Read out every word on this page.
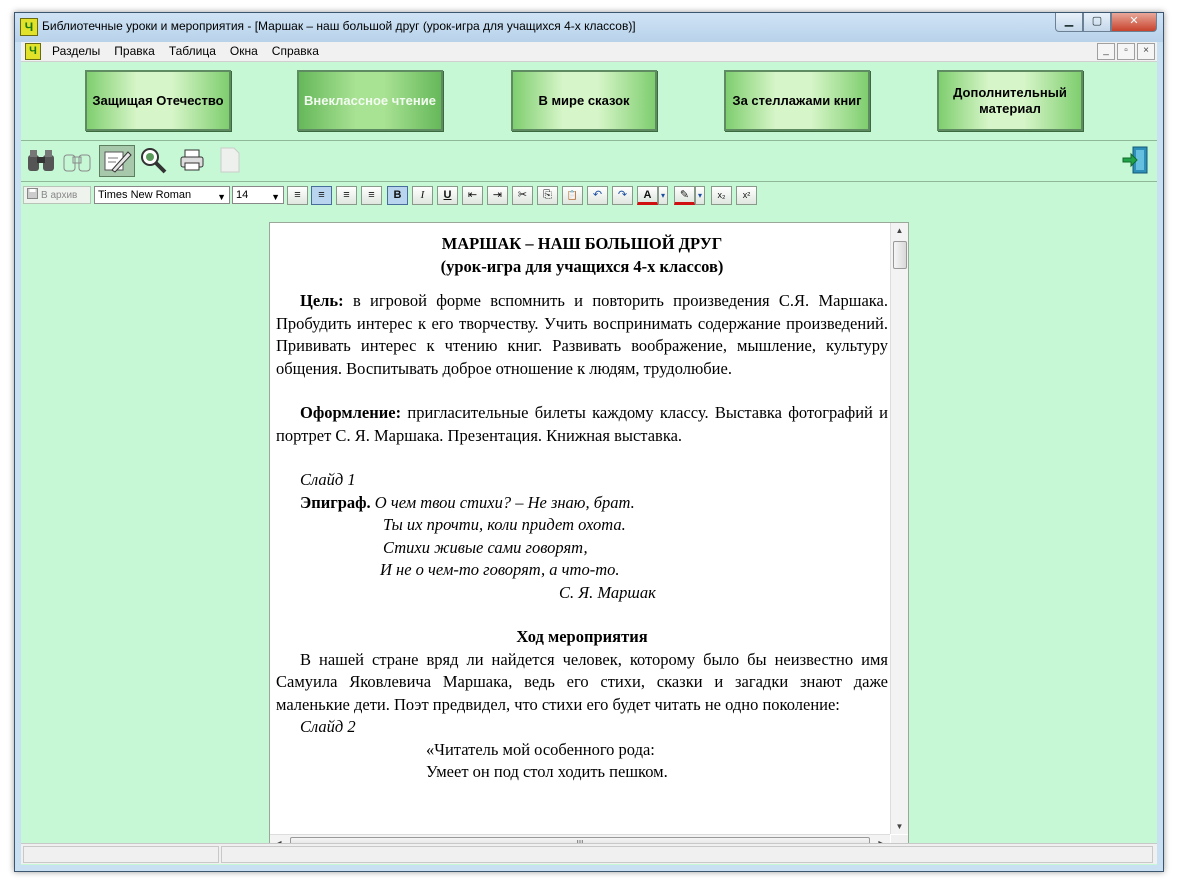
Ч Библиотечные уроки и мероприятия - [Маршак – наш большой друг (урок-игра для учащихся 4-х классов)]	▁	▢	✕
Ч	Разделы Правка Таблица Окна Справка	_	▫	×
Защищая Отечество	Внеклассное чтение	В мире сказок	За стеллажами книг
Дополнительный материал
В архив	Times New Roman	▼ 14	▼	≡	≡	≡	≡	B	I	U	⇤	⇥	✂	⎘	📋	↶	↷	A	▾	✎	▾	x₂	x²

МАРШАК – НАШ БОЛЬШОЙ ДРУГ

(урок-игра для учащихся 4-х классов)

Цель: в игровой форме вспомнить и повторить произведения С.Я. Маршака. Пробудить интерес к его творчеству. Учить воспринимать содержание произведений. Прививать интерес к чтению книг. Развивать воображение, мышление, культуру общения. Воспитывать доброе отношение к людям, трудолюбие.

Оформление: пригласительные билеты каждому классу. Выставка фотографий и портрет С. Я. Маршака. Презентация. Книжная выставка.

Слайд 1

Эпиграф. О чем твои стихи? – Не знаю, брат.

Ты их прочти, коли придет охота.

Стихи живые сами говорят,

И не о чем-то говорят, а что-то.

С. Я. Маршак

Ход мероприятия

В нашей стране вряд ли найдется человек, которому было бы неизвестно имя Самуила Яковлевича Маршака, ведь его стихи, сказки и загадки знают даже маленькие дети. Поэт предвидел, что стихи его будет читать не одно поколение:

Слайд 2

«Читатель мой особенного рода:

Умеет он под стол ходить пешком.

▲
▼
